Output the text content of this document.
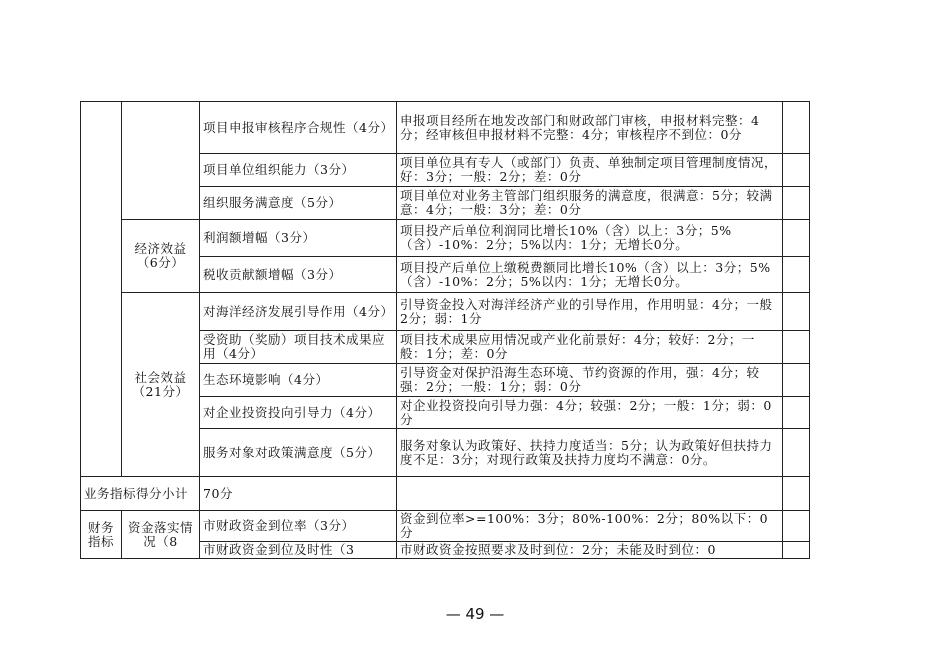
		项目申报审核程序合规性（4分）	申报项目经所在地发改部门和财政部门审核，申报材料完整：4分；经审核但申报材料不完整：4分；审核程序不到位：0分	
		项目单位组织能力（3分）	项目单位具有专人（或部门）负责、单独制定项目管理制度情况，好：3分；一般：2分；差：0分	
		组织服务满意度（5分）	项目单位对业务主管部门组织服务的满意度，很满意：5分；较满意：4分；一般：3分；差：0分	
	经济效益（6分）	利润额增幅（3分）	项目投产后单位利润同比增长10%（含）以上：3分；5%（含）-10%：2分；5%以内：1分；无增长0分。	
		税收贡献额增幅（3分）	项目投产后单位上缴税费额同比增长10%（含）以上：3分；5%（含）-10%：2分；5%以内：1分；无增长0分。	
	社会效益（21分）	对海洋经济发展引导作用（4分）	引导资金投入对海洋经济产业的引导作用，作用明显：4分；一般2分；弱：1分	
		受资助（奖励）项目技术成果应用（4分）	项目技术成果应用情况或产业化前景好：4分；较好：2分；一般：1分；差：0分	
		生态环境影响（4分）	引导资金对保护沿海生态环境、节约资源的作用，强：4分；较强：2分；一般：1分；弱：0分	
		对企业投资投向引导力（4分）	对企业投资投向引导力强：4分；较强：2分；一般：1分；弱：0分	
		服务对象对政策满意度（5分）	服务对象认为政策好、扶持力度适当：5分；认为政策好但扶持力度不足：3分；对现行政策及扶持力度均不满意：0分。	
业务指标得分小计		70分		
财务指标	资金落实情况（8	市财政资金到位率（3分）	资金到位率>=100%：3分；80%-100%：2分；80%以下：0分	
		市财政资金到位及时性（3	市财政资金按照要求及时到位：2分；未能及时到位：0	
— 49 —
